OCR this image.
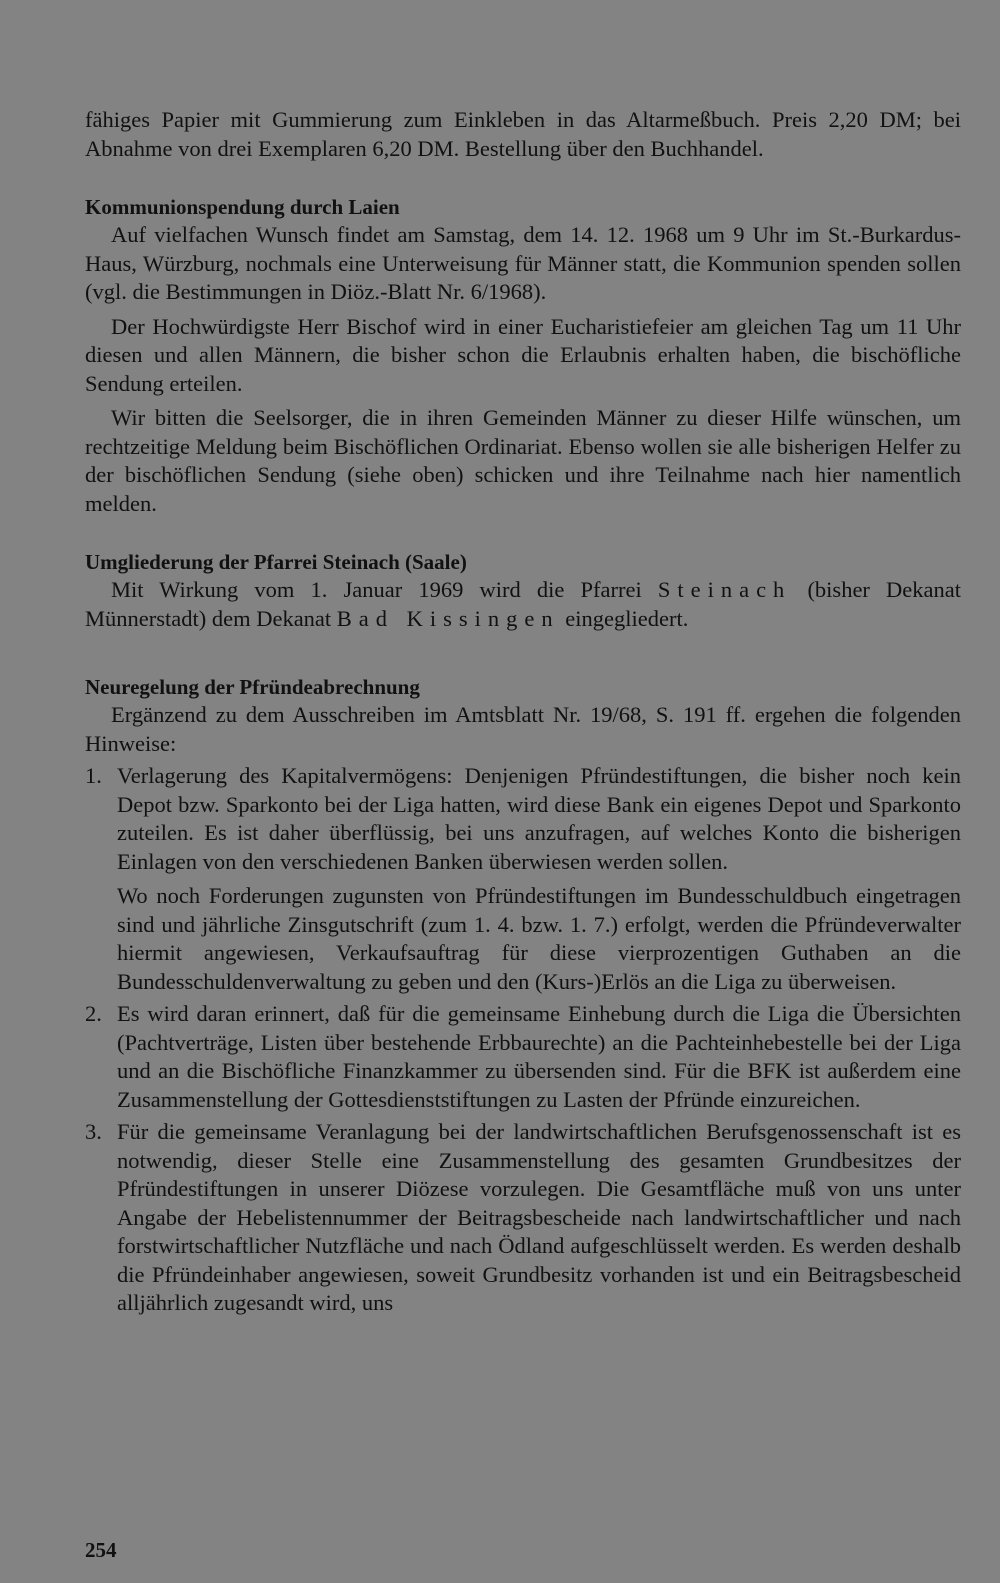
fähiges Papier mit Gummierung zum Einkleben in das Altarmeßbuch. Preis 2,20 DM; bei Abnahme von drei Exemplaren 6,20 DM. Bestellung über den Buchhandel.

Kommunionspendung durch Laien

Auf vielfachen Wunsch findet am Samstag, dem 14. 12. 1968 um 9 Uhr im St.-Burkardus-Haus, Würzburg, nochmals eine Unterweisung für Männer statt, die Kommunion spenden sollen (vgl. die Bestimmungen in Diöz.-Blatt Nr. 6/1968).

Der Hochwürdigste Herr Bischof wird in einer Eucharistiefeier am gleichen Tag um 11 Uhr diesen und allen Männern, die bisher schon die Erlaubnis erhalten haben, die bischöfliche Sendung erteilen.

Wir bitten die Seelsorger, die in ihren Gemeinden Männer zu dieser Hilfe wünschen, um rechtzeitige Meldung beim Bischöflichen Ordinariat. Ebenso wollen sie alle bisherigen Helfer zu der bischöflichen Sendung (siehe oben) schicken und ihre Teilnahme nach hier namentlich melden.

Umgliederung der Pfarrei Steinach (Saale)

Mit Wirkung vom 1. Januar 1969 wird die Pfarrei Steinach (bisher Dekanat Münnerstadt) dem Dekanat Bad Kissingen eingegliedert.

Neuregelung der Pfründeabrechnung

Ergänzend zu dem Ausschreiben im Amtsblatt Nr. 19/68, S. 191 ff. ergehen die folgenden Hinweise:

1. Verlagerung des Kapitalvermögens: Denjenigen Pfründestiftungen, die bisher noch kein Depot bzw. Sparkonto bei der Liga hatten, wird diese Bank ein eigenes Depot und Sparkonto zuteilen. Es ist daher überflüssig, bei uns anzufragen, auf welches Konto die bisherigen Einlagen von den verschiedenen Banken überwiesen werden sollen.

Wo noch Forderungen zugunsten von Pfründestiftungen im Bundesschuldbuch eingetragen sind und jährliche Zinsgutschrift (zum 1. 4. bzw. 1. 7.) erfolgt, werden die Pfründeverwalter hiermit angewiesen, Verkaufsauftrag für diese vierprozentigen Guthaben an die Bundesschuldenverwaltung zu geben und den (Kurs-)Erlös an die Liga zu überweisen.

2. Es wird daran erinnert, daß für die gemeinsame Einhebung durch die Liga die Übersichten (Pachtverträge, Listen über bestehende Erbbaurechte) an die Pachteinhebestelle bei der Liga und an die Bischöfliche Finanzkammer zu übersenden sind. Für die BFK ist außerdem eine Zusammenstellung der Gottesdienststiftungen zu Lasten der Pfründe einzureichen.

3. Für die gemeinsame Veranlagung bei der landwirtschaftlichen Berufsgenossenschaft ist es notwendig, dieser Stelle eine Zusammenstellung des gesamten Grundbesitzes der Pfründestiftungen in unserer Diözese vorzulegen. Die Gesamtfläche muß von uns unter Angabe der Hebelistennummer der Beitragsbescheide nach landwirtschaftlicher und nach forstwirtschaftlicher Nutzfläche und nach Ödland aufgeschlüsselt werden. Es werden deshalb die Pfründeinhaber angewiesen, soweit Grundbesitz vorhanden ist und ein Beitragsbescheid alljährlich zugesandt wird, uns

254
